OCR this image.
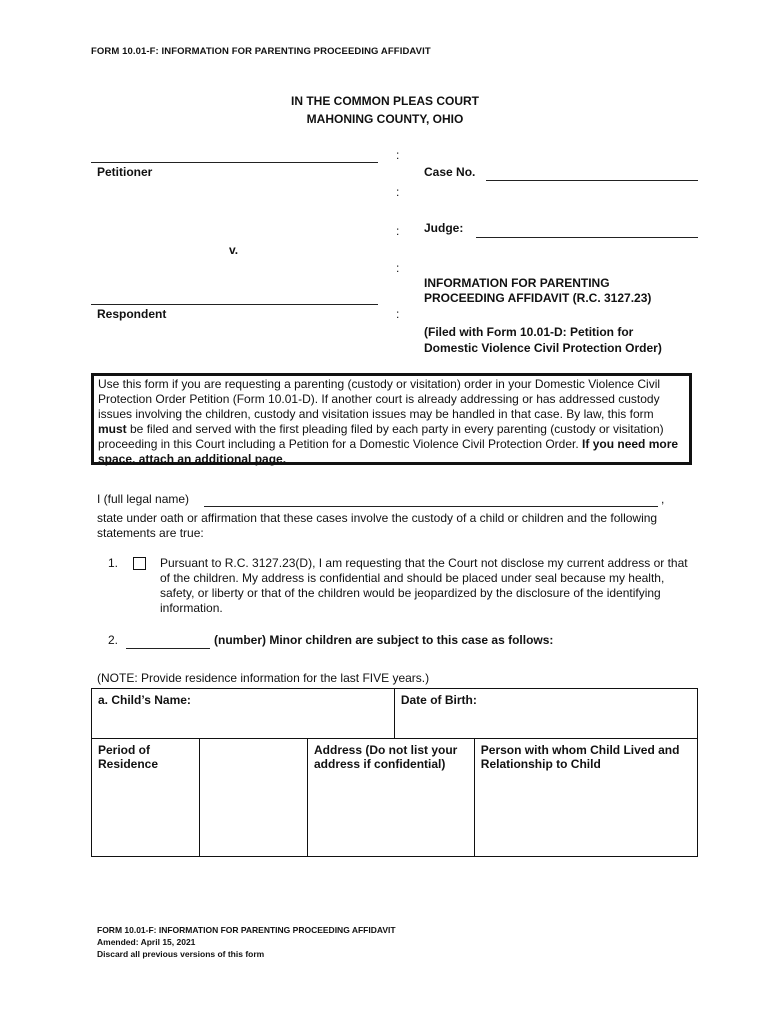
FORM 10.01-F: INFORMATION FOR PARENTING PROCEEDING AFFIDAVIT
IN THE COMMON PLEAS COURT
MAHONING COUNTY, OHIO
Petitioner
v.
Respondent
:
:
:
:
:
Case No.
Judge:
INFORMATION FOR PARENTING
PROCEEDING AFFIDAVIT (R.C. 3127.23)
(Filed with Form 10.01-D: Petition for
Domestic Violence Civil Protection Order)

Use this form if you are requesting a parenting (custody or visitation) order in your Domestic Violence Civil Protection Order Petition (Form 10.01-D). If another court is already addressing or has addressed custody issues involving the children, custody and visitation issues may be handled in that case. By law, this form must be filed and served with the first pleading filed by each party in every parenting (custody or visitation) proceeding in this Court including a Petition for a Domestic Violence Civil Protection Order. If you need more space, attach an additional page.

I (full legal name)	,
state under oath or affirmation that these cases involve the custody of a child or children and the following statements are true:
1.	Pursuant to R.C. 3127.23(D), I am requesting that the Court not disclose my current address or that of the children. My address is confidential and should be placed under seal because my health, safety, or liberty or that of the children would be jeopardized by the disclosure of the identifying information.
2.	(number) Minor children are subject to this case as follows:
(NOTE: Provide residence information for the last FIVE years.)
a. Child’s Name:			Date of Birth:	
Period of Residence		Address (Do not list your address if confidential)		Person with whom Child Lived and Relationship to Child
FORM 10.01-F: INFORMATION FOR PARENTING PROCEEDING AFFIDAVIT
Amended: April 15, 2021
Discard all previous versions of this form
